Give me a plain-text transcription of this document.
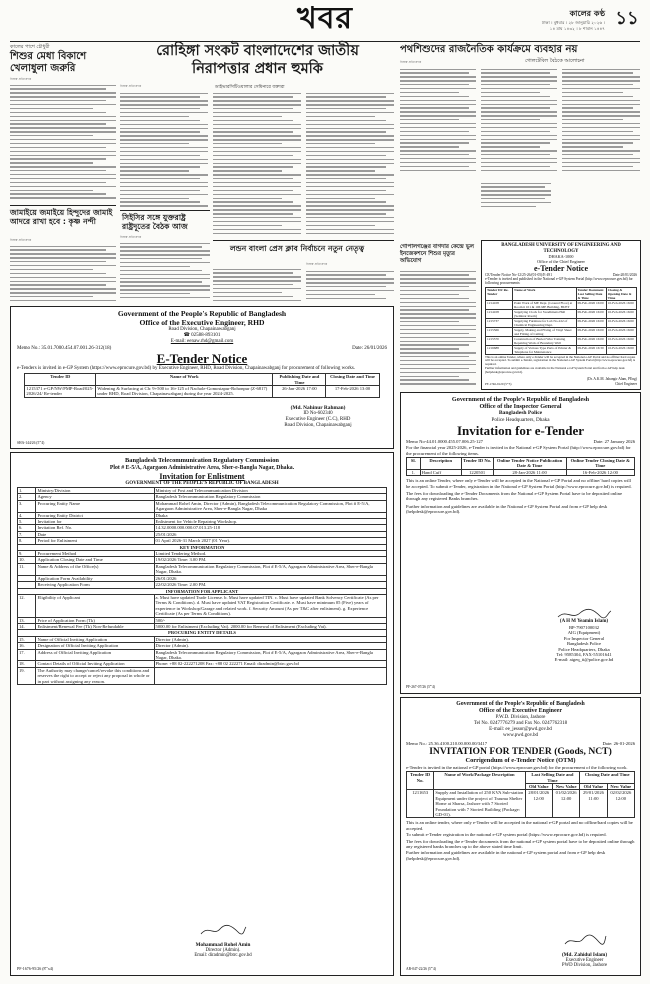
খবর	কালের কণ্ঠ
ঢাকা । বুধবার । ২৮ জানুয়ারি ২০২৬ ।
১৪ মাঘ ১৪৩২ । ৮ শাবান ১৪৪৭ ১১
কালের পাশে চৌধুরী
শিশুর মেধা বিকাশে খেলাধুলা জরুরি
নিজস্ব প্রতিবেদক
রোহিঙ্গা সংকট বাংলাদেশের জাতীয়
নিরাপত্তার প্রধান হুমকি
ডাইভারসিটিওয়ালার সেমিনারে বক্তারা
নিজস্ব প্রতিবেদক
পথশিশুদের রাজনৈতিক কার্যক্রমে ব্যবহার নয়
গোলটেবিল বৈঠকে আলোচনা
নিজস্ব প্রতিবেদক
জামাইয়ে জমাইয়ে হিন্দুদের জামাই আদরে রাখা হবে : কৃষ্ণ নন্দী
নিজস্ব প্রতিবেদক
সিইসির সঙ্গে যুক্তরাষ্ট্র রাষ্ট্রদূতের বৈঠক আজ
নিজস্ব প্রতিবেদক
লন্ডন বাংলা প্রেস ক্লাব নির্বাচনে নতুন নেতৃত্ব
নিজস্ব প্রতিবেদক
গোপালগঞ্জের বাগদার কেন্দ্রে ভুল ইনজেকশনে শিশুর মৃত্যুর অভিযোগ
BANGLADESH UNIVERSITY OF ENGINEERING AND TECHNOLOGY
DHAKA-1000
Office of the Chief Engineer
e-Tender Notice
CE/Tender Notice No-12/25-26/(01-05)/E-491	Date:20/01/2026
e-Tender is invited and published in the National e-GP System Portal (http://www.eprocure.gov.bd) for following procurements:
Tender ID/ Re-Tender	Name of Work	Tender Document Last Selling Date & Time	Closing & Opening Date & Time
1214108	Paint Work of ME Dept. (Ground Floor) at Room # 101 & 106 ME Building, BUET	09-Feb-2026 16:00	10-Feb-2026 16:00
1214108	Supplying Clock for Swadhinata Hall (Seminar Room)	09-Feb-2026 16:00	10-Feb-2026 16:00
1215737	Supplying Furniture for Lab No-222 of Chemical Engineering Dept.	09-Feb-2026 16:00	10-Feb-2026 16:00
1215566	Supply, Making and Fixing of Vinyl Sheet and Fitting of Ceiling	09-Feb-2026 16:00	10-Feb-2026 16:00
1215570	Construction of Buried Wire Training Repairing Work of Boundary Wall	09-Feb-2026 16:00	10-Feb-2026 16:00
1216688	Supply of Various Type Parts of Printer & Telephone for Maintenance	09-Feb-2026 16:30	10-Feb-2026 16:00
This is an online Tender, where only e-Tender will be accepted in the National e-GP Portal and no offline/ hard copies will be accepted. To submit e-Tender, registration in the National e-GP System Portal (http://www.eprocure.gov.bd) is required.
Further information and guidelines are available in the National e-GP System Portal and from e-GP help desk (helpdesk@eprocure.gov.bd).
(Dr. A.K.M. Jahangir Alam, PEng)
Chief Engineer
PF-1746-9120 (5'"3)
Government of the People's Republic of Bangladesh
Office of the Executive Engineer, RHD
Road Division, Chapainawabganj
☎ 02588-893101
E-mail: eenaw.rhd@gmail.com
Memo No.: 35.01.7000.454.07.001.26-312(18)	Date: 26/01/2026
E-Tender Notice
e-Tenders is invited in e-GP System (https://www.eprocure.gov.bd) by Executive Engineer, RHD, Road Division, Chapainawabganj for procurement of following works.
Tender ID	Name of Work	Publishing Date and Time	Closing Date and Time
1215371 e-GP/NW/PMP-Road/025-2026/24/ Re-tender	Widening & Surfacing at Ch: 9+500 to 16+125 of Nachole-Gomostapur-Rohonpur (Z-6817) under RHD, Road Division, Chapainawabganj during the year 2024-2025.	26-Jan-2026 17:00	17-Feb-2026 13:00
(Md. Nahinur Rahman)
ID No-602340
Executive Engineer (C.C), RHD
Road Division, Chapainawabganj
SHA-144/26 (5'"4)
Government of the People's Republic of Bangladesh
Office of the Inspector General
Bangladesh Police
Police Headquarters, Dhaka
Invitation for e-Tender
Memo No-44.01.0000.455.07.006.25-127	Date: 27 January 2026
For the financial year 2025-2026, e-Tender is invited in the National e-GP System Portal (http://www.eprocure.gov.bd) for the procurement of the following items.
Sl.	Description	Tender ID No.	Online Tender Notice Publication Date & Time	Online Tender Closing Date & Time
1.	Hand Cuff	1220501	28-Jan-2026 11:00	16-Feb-2026 12:00
This is an online Tender, where only e-Tender will be accepted in the National e-GP Portal and no offline/ hard copies will be accepted. To submit e-Tender, registration in the National e-GP System Portal (http://www.eprocure.gov.bd) is required.
The fees for downloading the e-Tender Documents from the National e-GP System Portal have to be deposited online through any registered Banks branches.
Further information and guidelines are available in the National e-GP System Portal and from e-GP help desk (helpdesk@eprocure.gov.bd).
(A H M Yeamin Islam)
BP-7907100032
AIG (Equipment)
For Inspector General
Bangladesh Police
Police Headquarters, Dhaka
Tel: 9585304, FAX-55101641
E-mail: aigeq_ti@police.gov.bd
PF-267-07/26 (5'"4)
Bangladesh Telecommunication Regulatory Commission
Plot # E-5/A, Agargaon Administrative Area, Sher-e-Bangla Nagar, Dhaka.
Invitation for Enlistment
GOVERNMENT OF THE PEOPLE'S REPUBLIC OF BANGLADESH
1.	Ministry/Division	Ministry of Post and Telecommunication Division
2.	Agency	Bangladesh Telecommunication Regulatory Commission
3.	Procuring Entity Name	Mohammad Rohel Amin, Director (Admin), Bangladesh Telecommunication Regulatory Commission, Plot # E-5/A, Agargaon Administrative Area, Sher-e-Bangla Nagar, Dhaka
4.	Procuring Entity District	Dhaka
5.	Invitation for	Enlistment for Vehicle Repairing Workshop.
6.	Invitation Ref. No.	14.32.0000.000.000.07.013.25-118
7.	Date	25/01/2026
8.	Period for Enlistment	01 April 2026-31 March 2027 (01 Year).
KEY INFORMATION		
9.	Procurement Method	Limited Tendering Method.
10.	Application Closing Date and Time	19/02/2026 Time: 3.00 PM.
11.	Name & Address of the Office(s)	Bangladesh Telecommunication Regulatory Commission, Plot # E-5/A, Agargaon Administrative Area, Sher-e-Bangla Nagar, Dhaka.
	Application Form Availability	26/01/2026
	Receiving Application Form	22/02/2026 Time: 2.00 PM.
INFORMATION FOR APPLICANT		
12.	Eligibility of Applicant	a. Must have updated Trade License. b. Must have updated TIN. c. Must have updated Bank Solvency Certificate (As per Terms & Conditions). d. Must have updated VAT Registration Certificate. e. Must have minimum 05 (Five) years of experience in Workshop/Garage and related work. f. Security Amount (As per T&C after enlistment). g. Experience Certificate (As per Terms & Conditions).
13.	Price of Application Form (Tk)	500/-
14.	Enlistment/Renewal Fee (Tk) Non-Refundable	5000.00 for Enlistment (Excluding Vat). 2000.00 for Renewal of Enlistment (Excluding Vat).
PROCURING ENTITY DETAILS		
15.	Name of Official Inviting Application	Director (Admin).
16.	Designation of Official Inviting Application	Director (Admin).
17.	Address of Official Inviting Application	Bangladesh Telecommunication Regulatory Commission, Plot # E-5/A, Agargaon Administrative Area, Sher-e-Bangla Nagar, Dhaka.
18.	Contact Details of Official Inviting Application	Phone: +88 02-222271208 Fax: +88 02 222271 Email: diradmin@btrc.gov.bd
19.	The Authority may change/cancel/revoke this conditions and reserves the right to accept or reject any proposal in whole or in part without assigning any reason.	
Mohammad Rohel Amin
Director (Admin).
Email: diradmin@btrc.gov.bd
PF-1676-95/26 (8'"x4)
Government of the People's Republic of Bangladesh
Office of the Executive Engineer
P.W.D. Division, Jashore
Tel No. 0247776279 and Fax No. 0247762318
E-mail: ee_jessor@pwd.gov.bd
www.pwd.gov.bd
Memo No.: 25.36.4100.210.00.000.00/3417	Date: 26-01-2026
INVITATION FOR TENDER (Goods, NCT)
Corrigendum of e-Tender Notice (OTM)
e-Tender is invited in the national e-GP portal (https://www.eprocure.gov.bd) for the procurement of the following work.
Tender ID No.	Name of Work/Package Description	Last Selling Date and Time		Closing Date and Time	
		Old Value	New Value	Old Value	New Value
1211653	Supply and Installation of 250 KVA Sub-station Equipment under the project of Trauma Shelter Home at Sharsa, Jashore with 7 Storied Foundation with 7 Storied Building (Package: GD-01).	28/01/2026 12:00	01/02/2026 12:00	29/01/2026 11:00	02/02/2026 12:00
This is an online tender, where only e-Tender will be accepted in the national e-GP portal and no offline/hard copies will be accepted.
To submit e-Tender registration in the national e-GP system portal (https://www.eprocure.gov.bd) is required.
The fees for downloading the e-Tender documents from the national e-GP system portal have to be deposited online through any registered banks branches up to the above stated time limit.
Further information and guidelines are available in the national e-GP system portal and from e-GP help desk (helpdesk@eprocure.gov.bd).
(Md. Zahidul Islam)
Executive Engineer
PWD Division, Jashore
AB-047-22/26 (5'"4)
